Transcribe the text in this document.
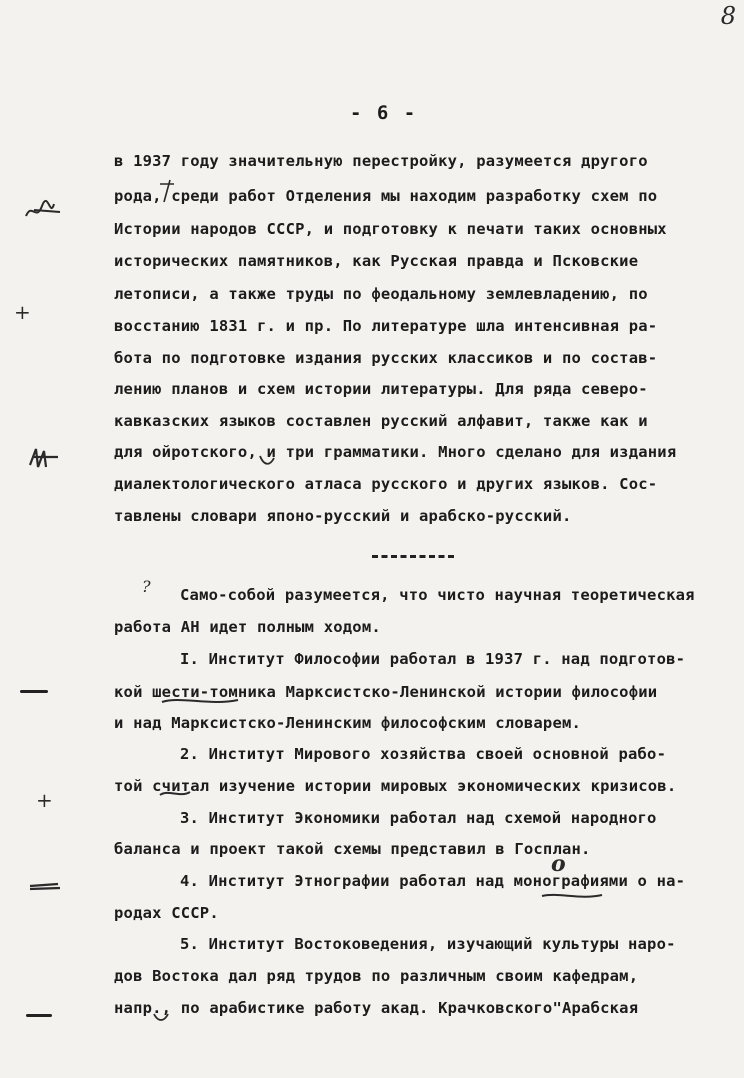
8
- 6 -
в 1937 году значительную перестройку, разумеется другого
рода, среди работ Отделения мы находим разработку схем по
Истории народов СССР, и подготовку к печати таких основных
исторических памятников, как Русская правда и Псковские
летописи, а также труды по феодальному землевладению, по
восстанию 1831 г. и пр. По литературе шла интенсивная ра-
бота по подготовке издания русских классиков и по состав-
лению планов и схем истории литературы. Для ряда северо-
кавказских языков составлен русский алфавит, также как и
для ойротского, и три грамматики. Много сделано для издания
диалектологического атласа русского и других языков. Сос-
тавлены словари японо-русский и арабско-русский.
Само-собой разумеется, что чисто научная теоретическая
работа АН идет полным ходом.
I. Институт Философии работал в 1937 г. над подготов-
кой шести-томника Марксистско-Ленинской истории философии
и над Марксистско-Ленинским философским словарем.
2. Институт Мирового хозяйства своей основной рабо-
той считал изучение истории мировых экономических кризисов.
3. Институт Экономики работал над схемой народного
баланса и проект такой схемы представил в Госплан.
4. Институт Этнографии работал над монографиями о на-
родах СССР.
5. Институт Востоковедения, изучающий культуры наро-
дов Востока дал ряд трудов по различным своим кафедрам,
напр., по арабистике работу акад. Крачковского"Арабская
+
?
+
о
